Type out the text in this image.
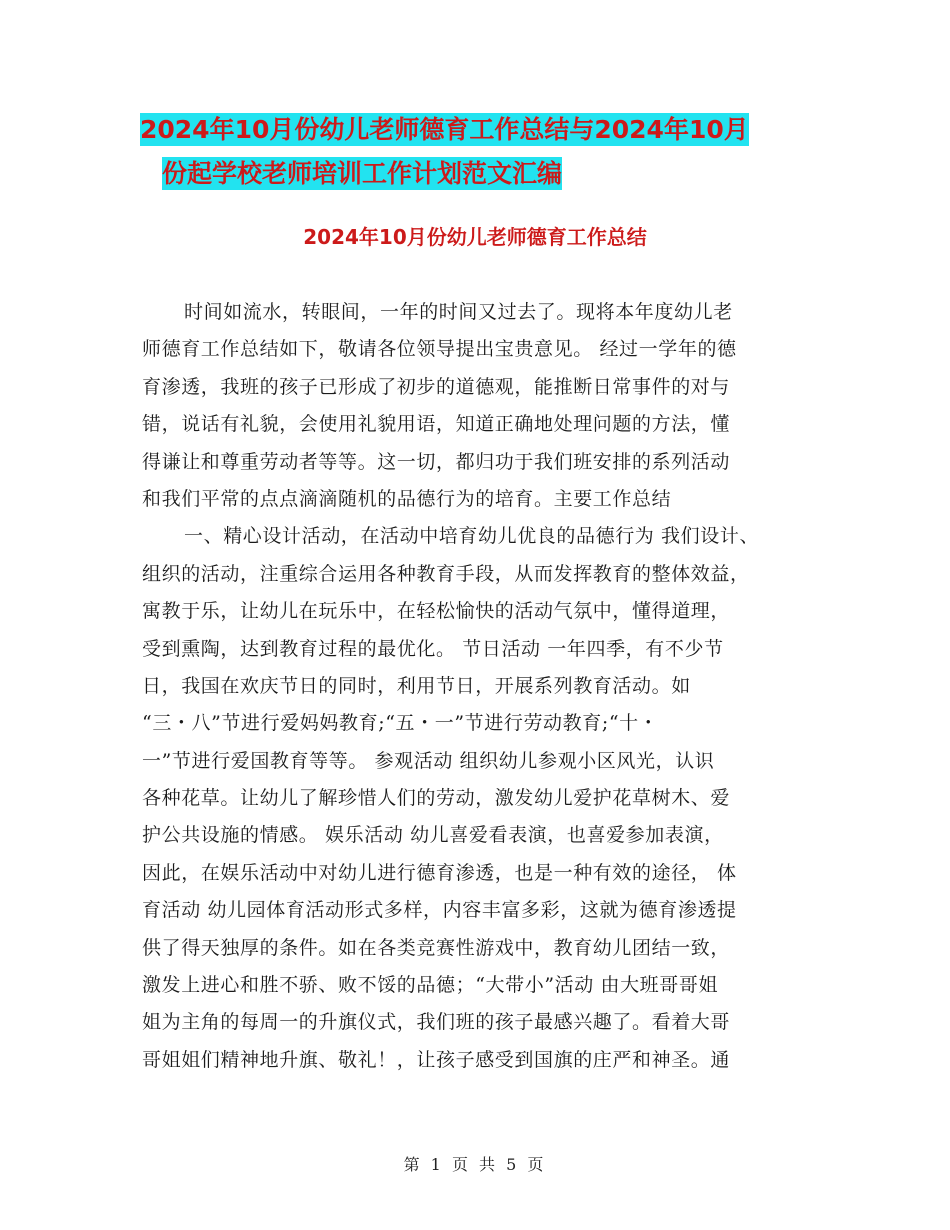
2024年10月份幼儿老师德育工作总结与2024年10月
份起学校老师培训工作计划范文汇编
2024年10月份幼儿老师德育工作总结
时间如流水，转眼间，一年的时间又过去了。现将本年度幼儿老
师德育工作总结如下，敬请各位领导提出宝贵意见。 经过一学年的德
育渗透，我班的孩子已形成了初步的道德观，能推断日常事件的对与
错，说话有礼貌，会使用礼貌用语，知道正确地处理问题的方法，懂
得谦让和尊重劳动者等等。这一切，都归功于我们班安排的系列活动
和我们平常的点点滴滴随机的品德行为的培育。主要工作总结
一、精心设计活动，在活动中培育幼儿优良的品德行为 我们设计、
组织的活动，注重综合运用各种教育手段，从而发挥教育的整体效益，
寓教于乐，让幼儿在玩乐中，在轻松愉快的活动气氛中，懂得道理，
受到熏陶，达到教育过程的最优化。 节日活动 一年四季，有不少节
日，我国在欢庆节日的同时，利用节日，开展系列教育活动。如
“三・八”节进行爱妈妈教育;“五・一”节进行劳动教育;“十・
一”节进行爱国教育等等。 参观活动 组织幼儿参观小区风光，认识
各种花草。让幼儿了解珍惜人们的劳动，激发幼儿爱护花草树木、爱
护公共设施的情感。 娱乐活动 幼儿喜爱看表演，也喜爱参加表演，
因此，在娱乐活动中对幼儿进行德育渗透，也是一种有效的途径， 体
育活动 幼儿园体育活动形式多样，内容丰富多彩，这就为德育渗透提
供了得天独厚的条件。如在各类竞赛性游戏中，教育幼儿团结一致，
激发上进心和胜不骄、败不馁的品德；“大带小”活动 由大班哥哥姐
姐为主角的每周一的升旗仪式，我们班的孩子最感兴趣了。看着大哥
哥姐姐们精神地升旗、敬礼！，让孩子感受到国旗的庄严和神圣。通
第 1 页 共 5 页
